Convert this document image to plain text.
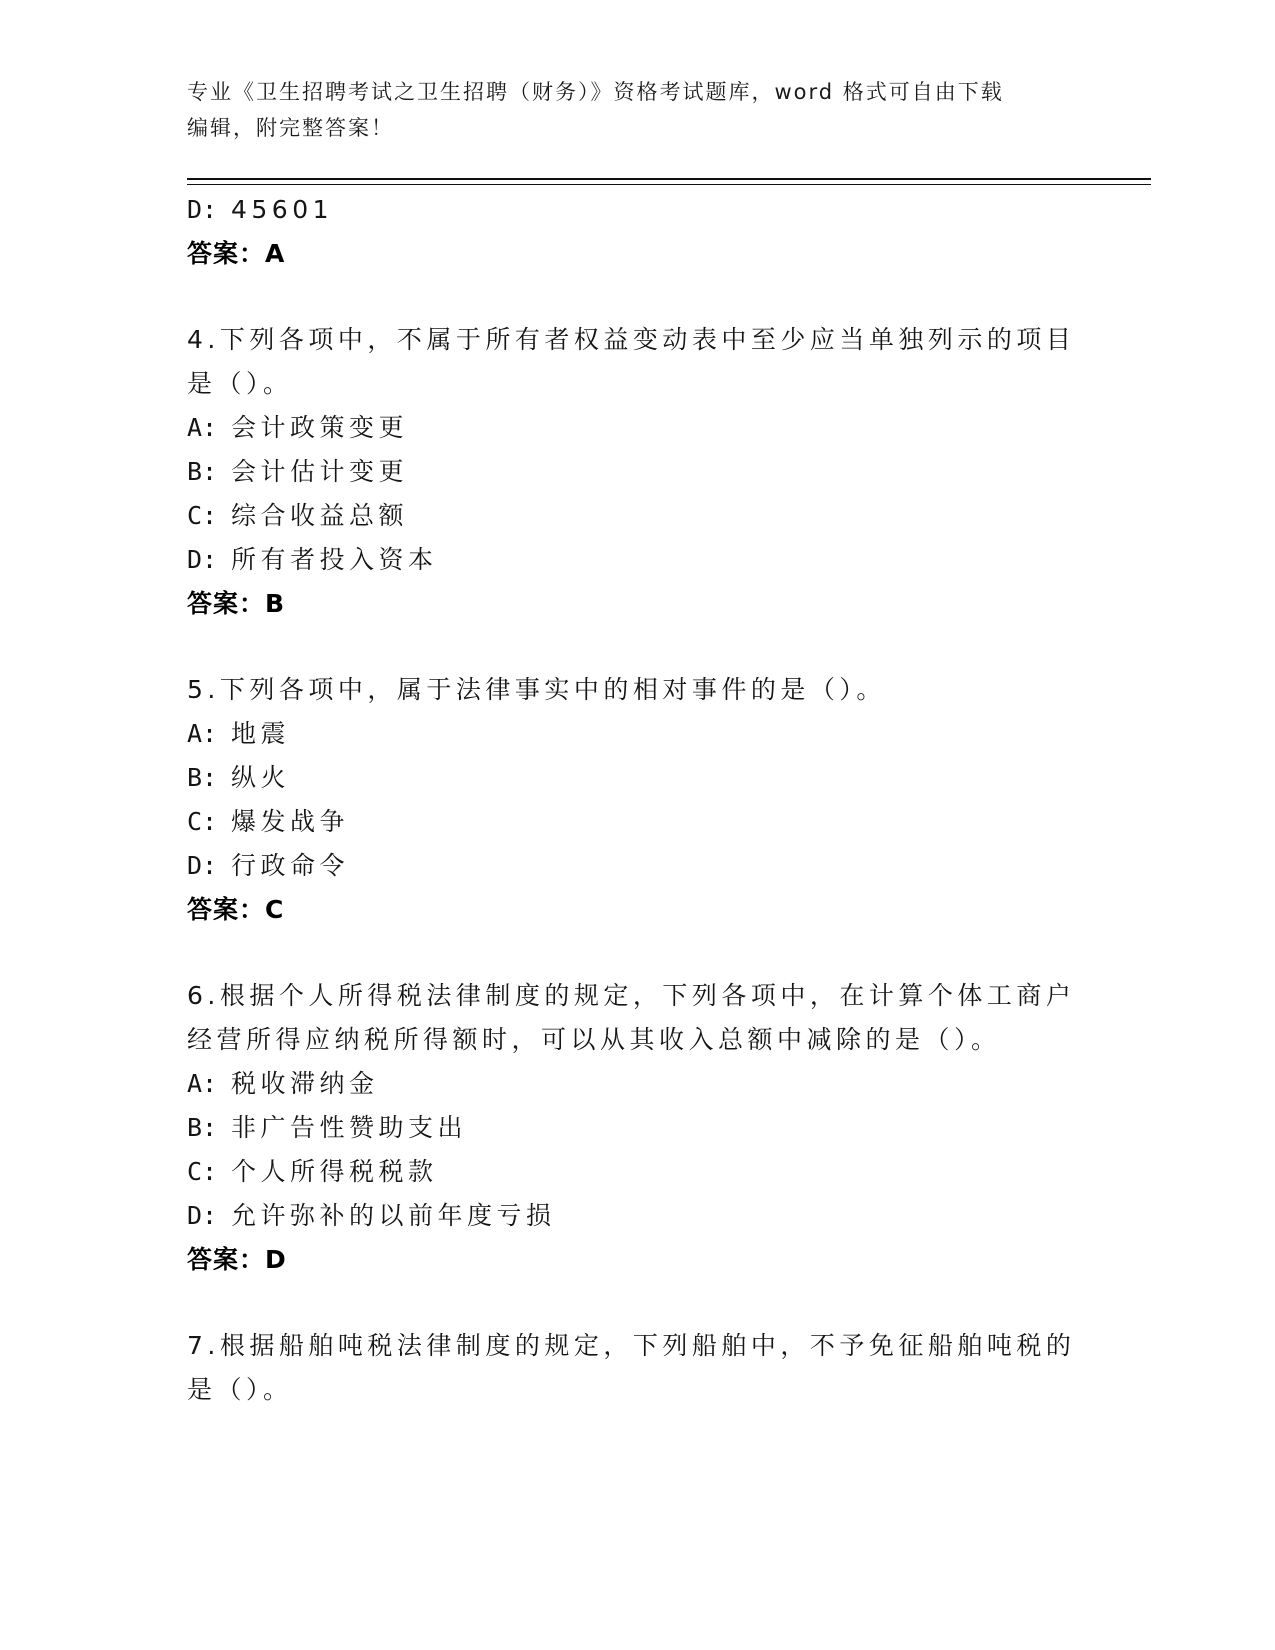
专业《卫生招聘考试之卫生招聘（财务）》资格考试题库，word 格式可自由下载
编辑，附完整答案！
D: 45601
答案：A
4.下列各项中，不属于所有者权益变动表中至少应当单独列示的项目
是（）。
A: 会计政策变更
B: 会计估计变更
C: 综合收益总额
D: 所有者投入资本
答案：B
5.下列各项中，属于法律事实中的相对事件的是（）。
A: 地震
B: 纵火
C: 爆发战争
D: 行政命令
答案：C
6.根据个人所得税法律制度的规定，下列各项中，在计算个体工商户
经营所得应纳税所得额时，可以从其收入总额中减除的是（）。
A: 税收滞纳金
B: 非广告性赞助支出
C: 个人所得税税款
D: 允许弥补的以前年度亏损
答案：D
7.根据船舶吨税法律制度的规定，下列船舶中，不予免征船舶吨税的
是（）。
